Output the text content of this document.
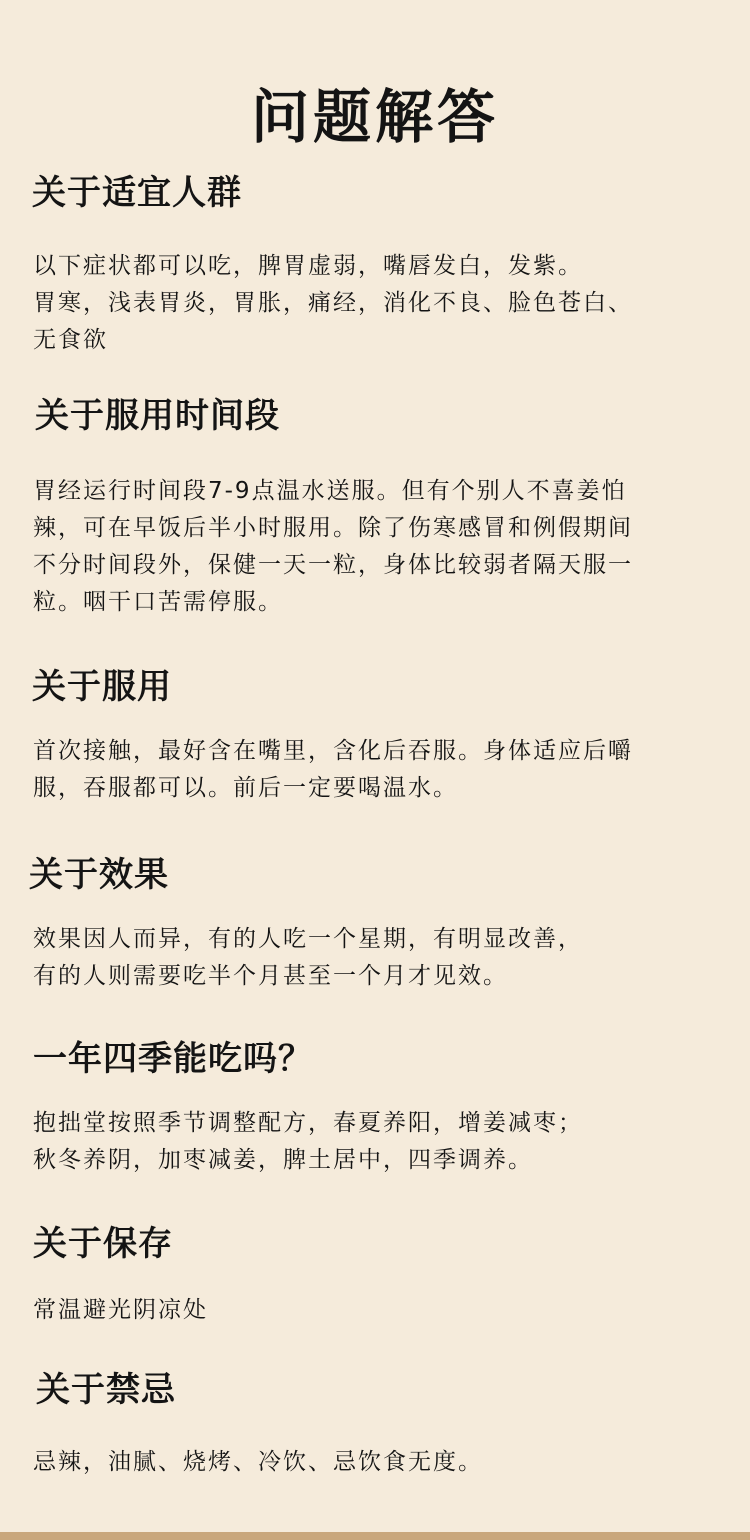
问题解答
关于适宜人群
以下症状都可以吃，脾胃虚弱，嘴唇发白，发紫。
胃寒，浅表胃炎，胃胀，痛经，消化不良、脸色苍白、
无食欲
关于服用时间段
胃经运行时间段7-9点温水送服。但有个别人不喜姜怕
辣，可在早饭后半小时服用。除了伤寒感冒和例假期间
不分时间段外，保健一天一粒，身体比较弱者隔天服一
粒。咽干口苦需停服。
关于服用
首次接触，最好含在嘴里，含化后吞服。身体适应后嚼
服，吞服都可以。前后一定要喝温水。
关于效果
效果因人而异，有的人吃一个星期，有明显改善，
有的人则需要吃半个月甚至一个月才见效。
一年四季能吃吗？
抱拙堂按照季节调整配方，春夏养阳，增姜减枣；
秋冬养阴，加枣减姜，脾土居中，四季调养。
关于保存
常温避光阴凉处
关于禁忌
忌辣，油腻、烧烤、冷饮、忌饮食无度。
